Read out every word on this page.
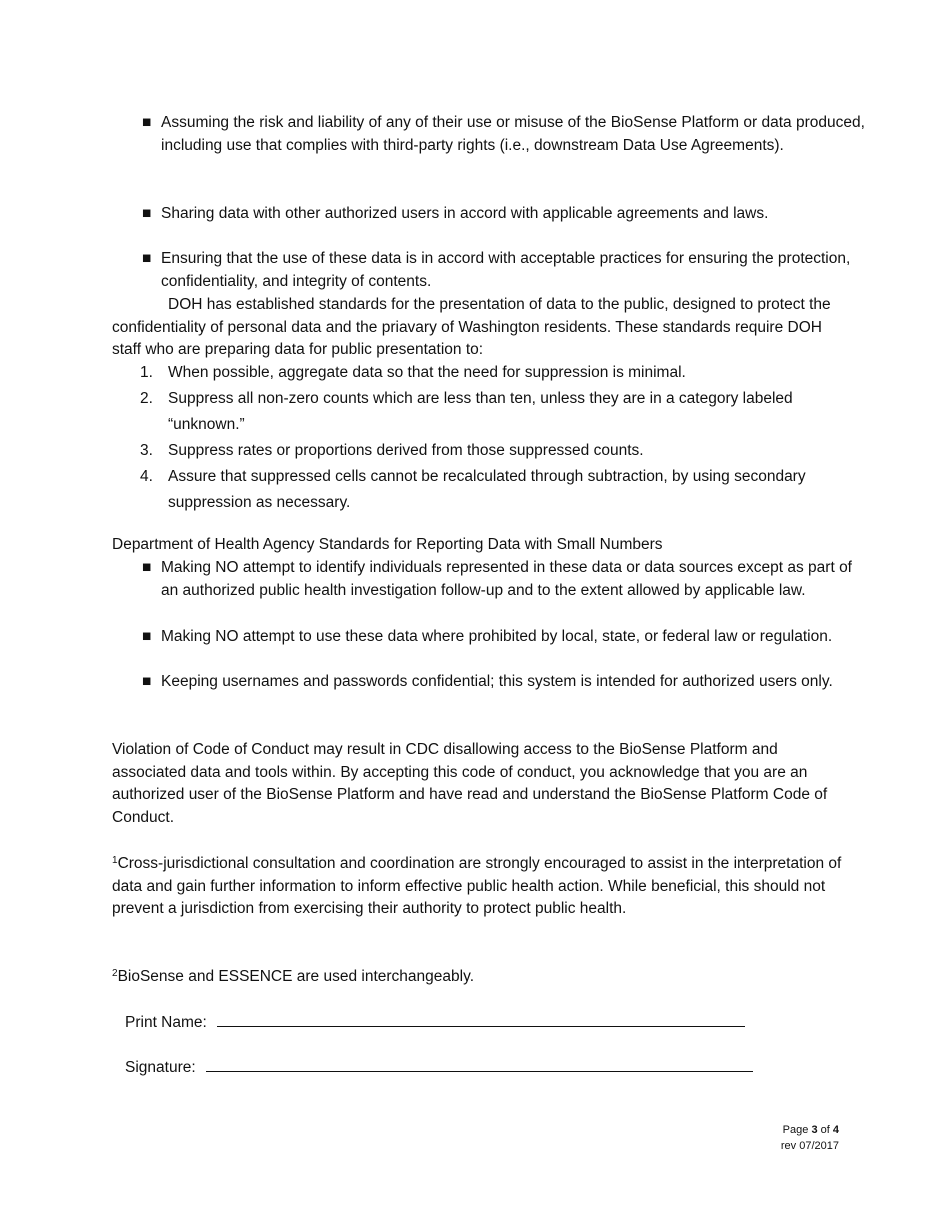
■ Assuming the risk and liability of any of their use or misuse of the BioSense Platform or data produced, including use that complies with third-party rights (i.e., downstream Data Use Agreements).

■ Sharing data with other authorized users in accord with applicable agreements and laws.

■ Ensuring that the use of these data is in accord with acceptable practices for ensuring the protection, confidentiality, and integrity of contents.

DOH has established standards for the presentation of data to the public, designed to protect the confidentiality of personal data and the priavary of Washington residents. These standards require DOH staff who are preparing data for public presentation to:

1. When possible, aggregate data so that the need for suppression is minimal.
2. Suppress all non-zero counts which are less than ten, unless they are in a category labeled “unknown.”
3. Suppress rates or proportions derived from those suppressed counts.
4. Assure that suppressed cells cannot be recalculated through subtraction, by using secondary suppression as necessary.

Department of Health Agency Standards for Reporting Data with Small Numbers

■ Making NO attempt to identify individuals represented in these data or data sources except as part of an authorized public health investigation follow-up and to the extent allowed by applicable law.

■ Making NO attempt to use these data where prohibited by local, state, or federal law or regulation.

■ Keeping usernames and passwords confidential; this system is intended for authorized users only.

Violation of Code of Conduct may result in CDC disallowing access to the BioSense Platform and associated data and tools within. By accepting this code of conduct, you acknowledge that you are an authorized user of the BioSense Platform and have read and understand the BioSense Platform Code of Conduct.

$^1$Cross-jurisdictional consultation and coordination are strongly encouraged to assist in the interpretation of data and gain further information to inform effective public health action. While beneficial, this should not prevent a jurisdiction from exercising their authority to protect public health.

$^2$BioSense and ESSENCE are used interchangeably.

Print Name:
Signature:
Page 3 of 4
rev 07/2017
